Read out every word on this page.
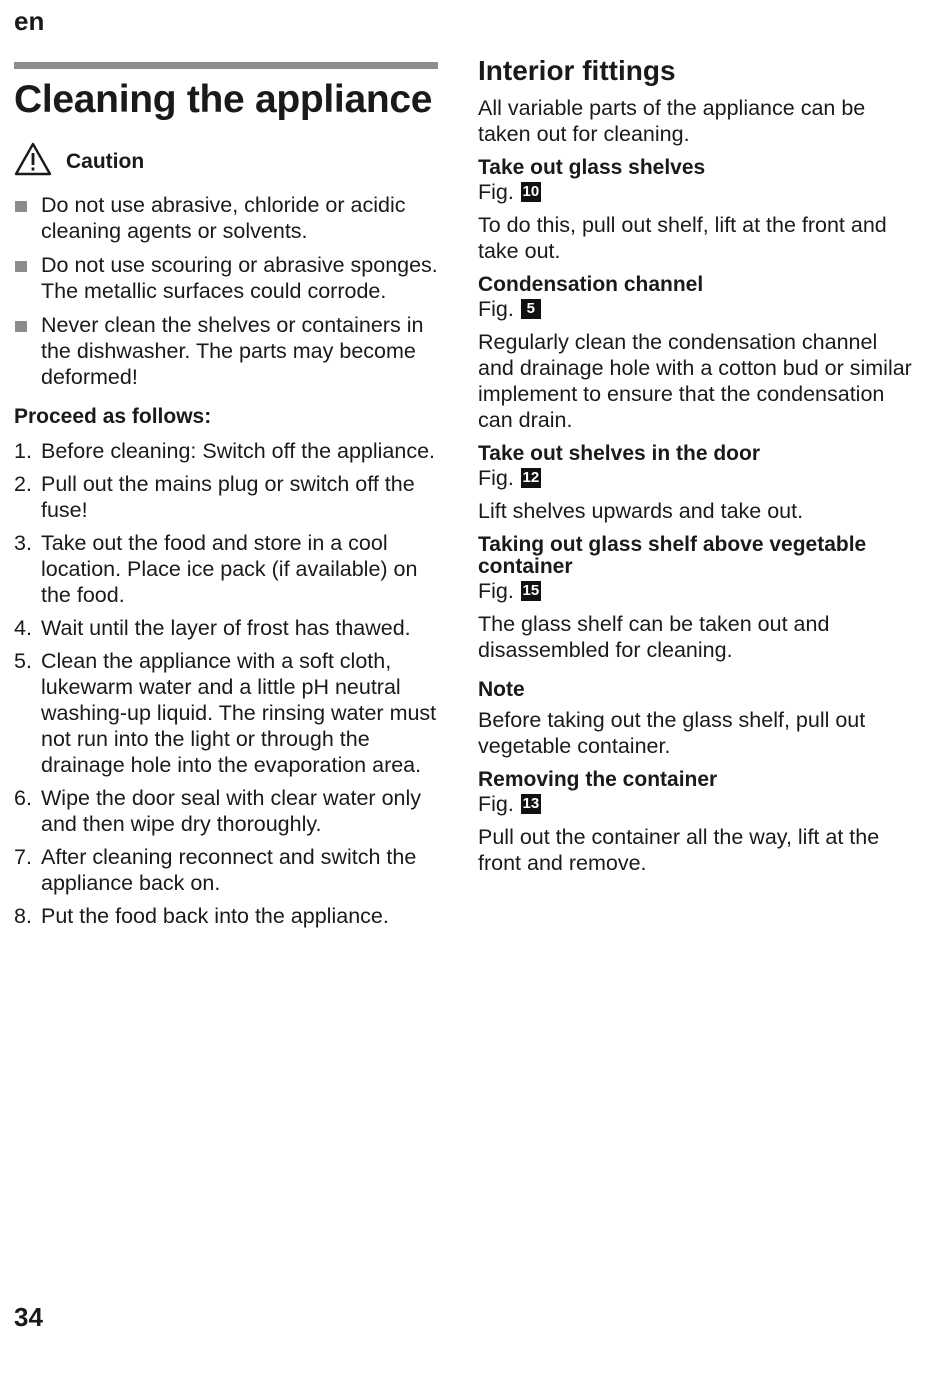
en
Cleaning the appliance
Caution
Do not use abrasive, chloride or acidic cleaning agents or solvents.
Do not use scouring or abrasive sponges. The metallic surfaces could corrode.
Never clean the shelves or containers in the dishwasher. The parts may become deformed!
Proceed as follows:
1. Before cleaning: Switch off the appliance.
2. Pull out the mains plug or switch off the fuse!
3. Take out the food and store in a cool location. Place ice pack (if available) on the food.
4. Wait until the layer of frost has thawed.
5. Clean the appliance with a soft cloth, lukewarm water and a little pH neutral washing-up liquid. The rinsing water must not run into the light or through the drainage hole into the evaporation area.
6. Wipe the door seal with clear water only and then wipe dry thoroughly.
7. After cleaning reconnect and switch the appliance back on.
8. Put the food back into the appliance.
Interior fittings
All variable parts of the appliance can be taken out for cleaning.
Take out glass shelves
Fig. 10
To do this, pull out shelf, lift at the front and take out.
Condensation channel
Fig. 5
Regularly clean the condensation channel and drainage hole with a cotton bud or similar implement to ensure that the condensation can drain.
Take out shelves in the door
Fig. 12
Lift shelves upwards and take out.
Taking out glass shelf above vegetable container
Fig. 15
The glass shelf can be taken out and disassembled for cleaning.
Note
Before taking out the glass shelf, pull out vegetable container.
Removing the container
Fig. 13
Pull out the container all the way, lift at the front and remove.
34
